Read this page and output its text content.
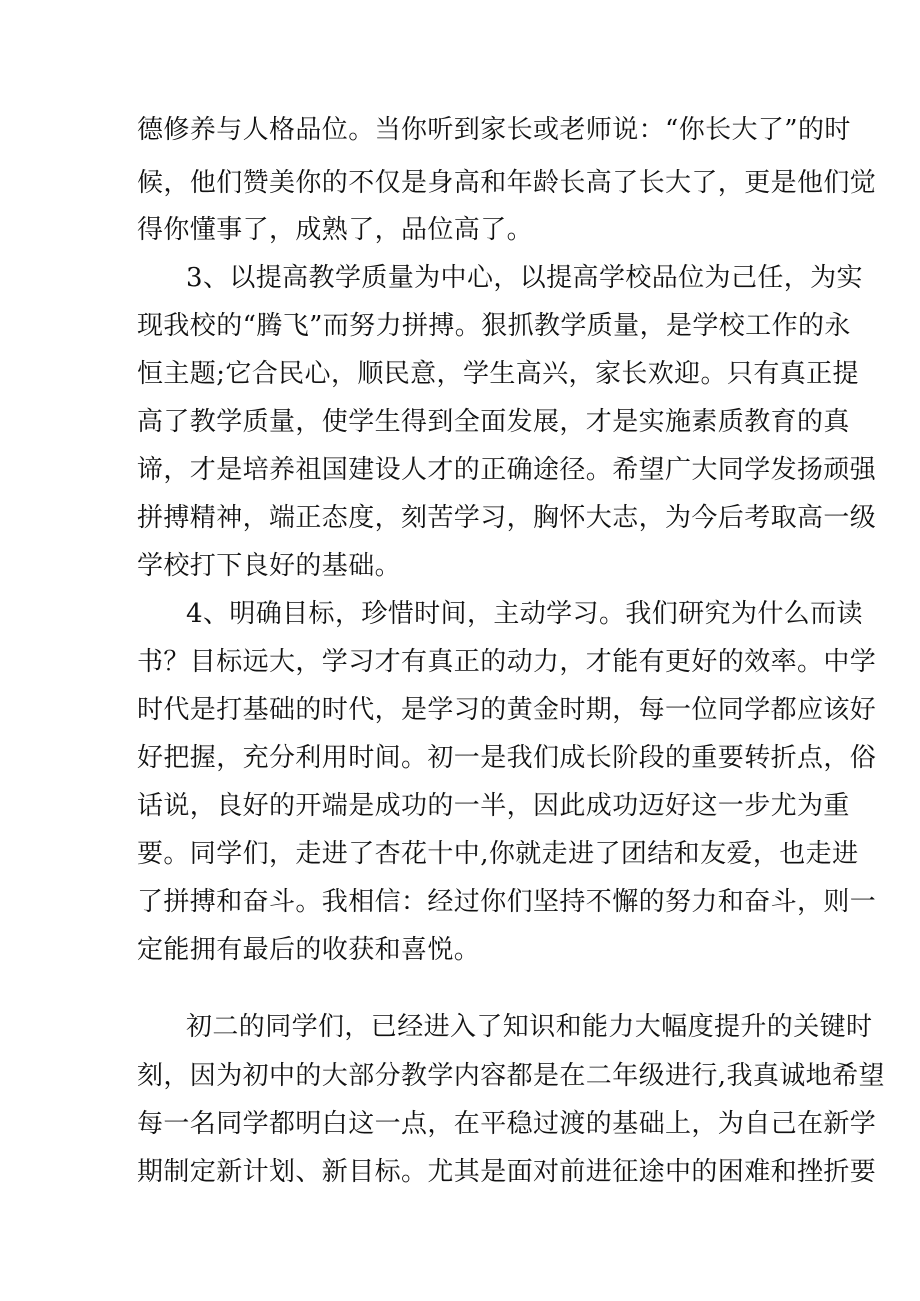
德修养与人格品位。当你听到家长或老师说：“你长大了”的时
候，他们赞美你的不仅是身高和年龄长高了长大了，更是他们觉
得你懂事了，成熟了，品位高了。
3、以提高教学质量为中心，以提高学校品位为己任，为实
现我校的“腾飞”而努力拼搏。狠抓教学质量，是学校工作的永
恒主题;它合民心，顺民意，学生高兴，家长欢迎。只有真正提
高了教学质量，使学生得到全面发展，才是实施素质教育的真
谛，才是培养祖国建设人才的正确途径。希望广大同学发扬顽强
拼搏精神，端正态度，刻苦学习，胸怀大志，为今后考取高一级
学校打下良好的基础。
4、明确目标，珍惜时间，主动学习。我们研究为什么而读
书？目标远大，学习才有真正的动力，才能有更好的效率。中学
时代是打基础的时代，是学习的黄金时期，每一位同学都应该好
好把握，充分利用时间。初一是我们成长阶段的重要转折点，俗
话说，良好的开端是成功的一半，因此成功迈好这一步尤为重
要。同学们，走进了杏花十中,你就走进了团结和友爱，也走进
了拼搏和奋斗。我相信：经过你们坚持不懈的努力和奋斗，则一
定能拥有最后的收获和喜悦。
初二的同学们，已经进入了知识和能力大幅度提升的关键时
刻，因为初中的大部分教学内容都是在二年级进行,我真诚地希望
每一名同学都明白这一点，在平稳过渡的基础上，为自己在新学
期制定新计划、新目标。尤其是面对前进征途中的困难和挫折要
